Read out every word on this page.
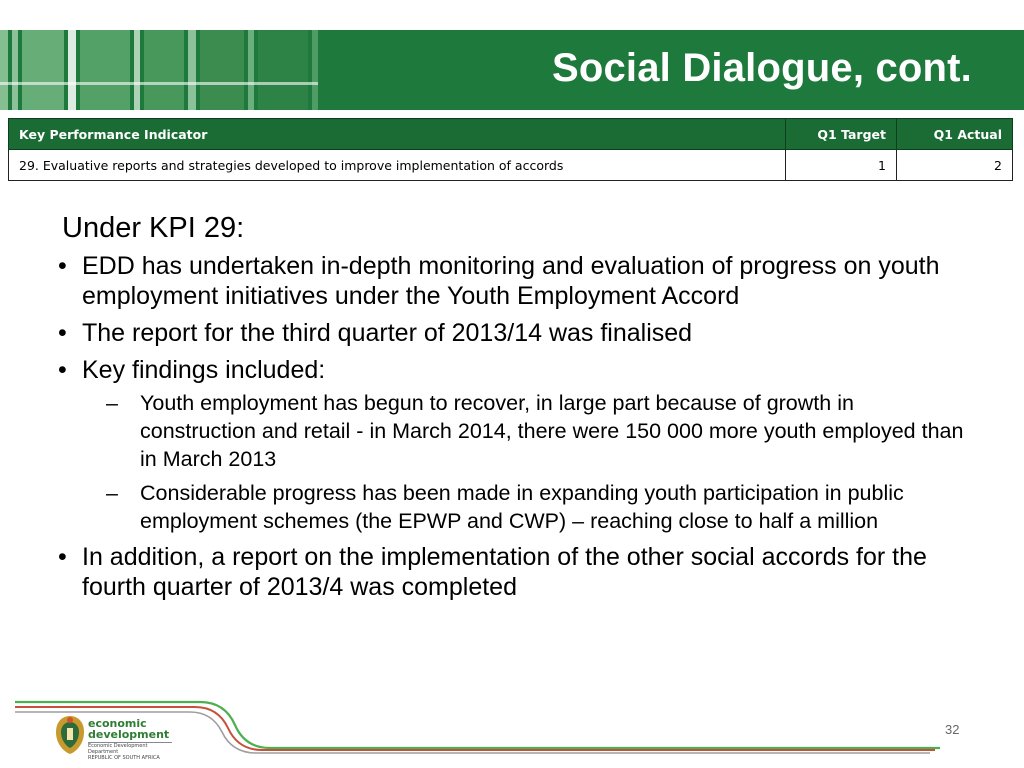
Social Dialogue, cont.
Key Performance Indicator	Q1 Target	Q1 Actual
29. Evaluative reports and strategies developed to improve implementation of accords	1	2

Under KPI 29:

• EDD has undertaken in-depth monitoring and evaluation of progress on youth employment initiatives under the Youth Employment Accord
• The report for the third quarter of 2013/14 was finalised
• Key findings included:
– Youth employment has begun to recover, in large part because of growth in construction and retail - in March 2014, there were 150 000 more youth employed than in March 2013
– Considerable progress has been made in expanding youth participation in public employment schemes (the EPWP and CWP) – reaching close to half a million
• In addition, a report on the implementation of the other social accords for the fourth quarter of 2013/4 was completed
economic
development
Economic Development Department
REPUBLIC OF SOUTH AFRICA
32
